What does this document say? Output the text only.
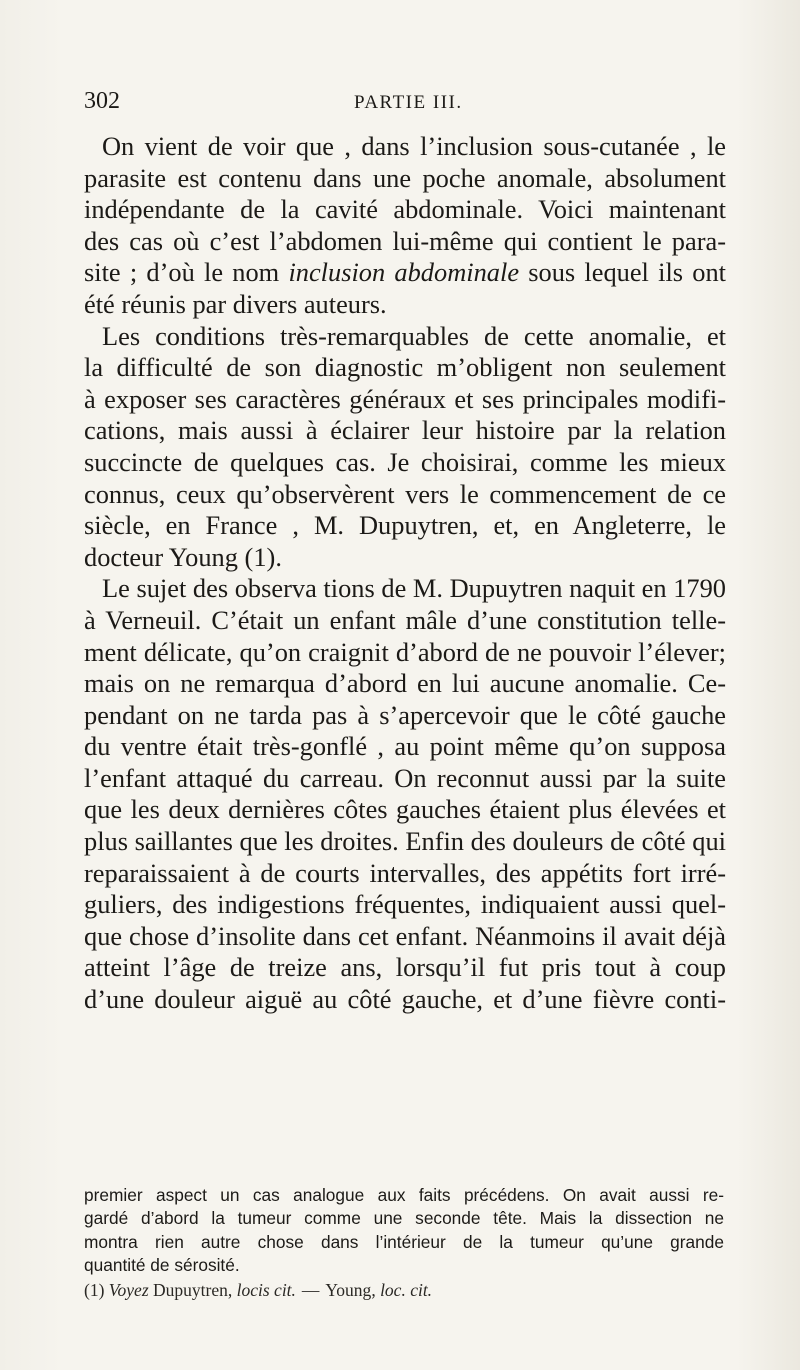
302	PARTIE III.
On vient de voir que , dans l’inclusion sous-cutanée , le
parasite est contenu dans une poche anomale, absolument
indépendante de la cavité abdominale. Voici maintenant
des cas où c’est l’abdomen lui-même qui contient le para-
site ; d’où le nom inclusion abdominale sous lequel ils ont
été réunis par divers auteurs.
Les conditions très-remarquables de cette anomalie, et
la difficulté de son diagnostic m’obligent non seulement
à exposer ses caractères généraux et ses principales modifi-
cations, mais aussi à éclairer leur histoire par la relation
succincte de quelques cas. Je choisirai, comme les mieux
connus, ceux qu’observèrent vers le commencement de ce
siècle, en France , M. Dupuytren, et, en Angleterre, le
docteur Young (1).
Le sujet des observa tions de M. Dupuytren naquit en 1790
à Verneuil. C’était un enfant mâle d’une constitution telle-
ment délicate, qu’on craignit d’abord de ne pouvoir l’élever;
mais on ne remarqua d’abord en lui aucune anomalie. Ce-
pendant on ne tarda pas à s’apercevoir que le côté gauche
du ventre était très-gonflé , au point même qu’on supposa
l’enfant attaqué du carreau. On reconnut aussi par la suite
que les deux dernières côtes gauches étaient plus élevées et
plus saillantes que les droites. Enfin des douleurs de côté qui
reparaissaient à de courts intervalles, des appétits fort irré-
guliers, des indigestions fréquentes, indiquaient aussi quel-
que chose d’insolite dans cet enfant. Néanmoins il avait déjà
atteint l’âge de treize ans, lorsqu’il fut pris tout à coup
d’une douleur aiguë au côté gauche, et d’une fièvre conti-
premier aspect un cas analogue aux faits précédens. On avait aussi re-
gardé d’abord la tumeur comme une seconde tête. Mais la dissection ne
montra rien autre chose dans l’intérieur de la tumeur qu’une grande
quantité de sérosité.
(1) Voyez Dupuytren, locis cit. — Young, loc. cit.
